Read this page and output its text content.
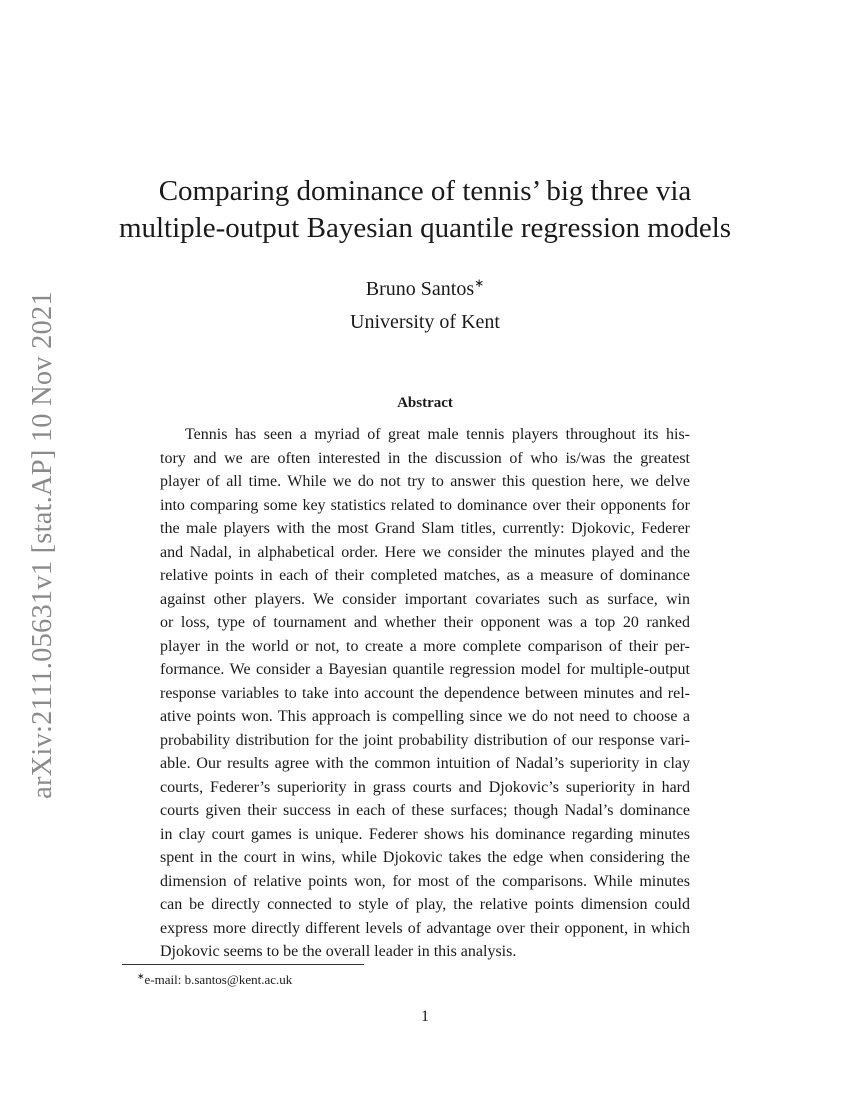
arXiv:2111.05631v1 [stat.AP] 10 Nov 2021
Comparing dominance of tennis’ big three via
multiple-output Bayesian quantile regression models
Bruno Santos∗
University of Kent
Abstract
Tennis has seen a myriad of great male tennis players throughout its his-
tory and we are often interested in the discussion of who is/was the greatest
player of all time. While we do not try to answer this question here, we delve
into comparing some key statistics related to dominance over their opponents for
the male players with the most Grand Slam titles, currently: Djokovic, Federer
and Nadal, in alphabetical order. Here we consider the minutes played and the
relative points in each of their completed matches, as a measure of dominance
against other players. We consider important covariates such as surface, win
or loss, type of tournament and whether their opponent was a top 20 ranked
player in the world or not, to create a more complete comparison of their per-
formance. We consider a Bayesian quantile regression model for multiple-output
response variables to take into account the dependence between minutes and rel-
ative points won. This approach is compelling since we do not need to choose a
probability distribution for the joint probability distribution of our response vari-
able. Our results agree with the common intuition of Nadal’s superiority in clay
courts, Federer’s superiority in grass courts and Djokovic’s superiority in hard
courts given their success in each of these surfaces; though Nadal’s dominance
in clay court games is unique. Federer shows his dominance regarding minutes
spent in the court in wins, while Djokovic takes the edge when considering the
dimension of relative points won, for most of the comparisons. While minutes
can be directly connected to style of play, the relative points dimension could
express more directly different levels of advantage over their opponent, in which
Djokovic seems to be the overall leader in this analysis.
∗e-mail: b.santos@kent.ac.uk
1
